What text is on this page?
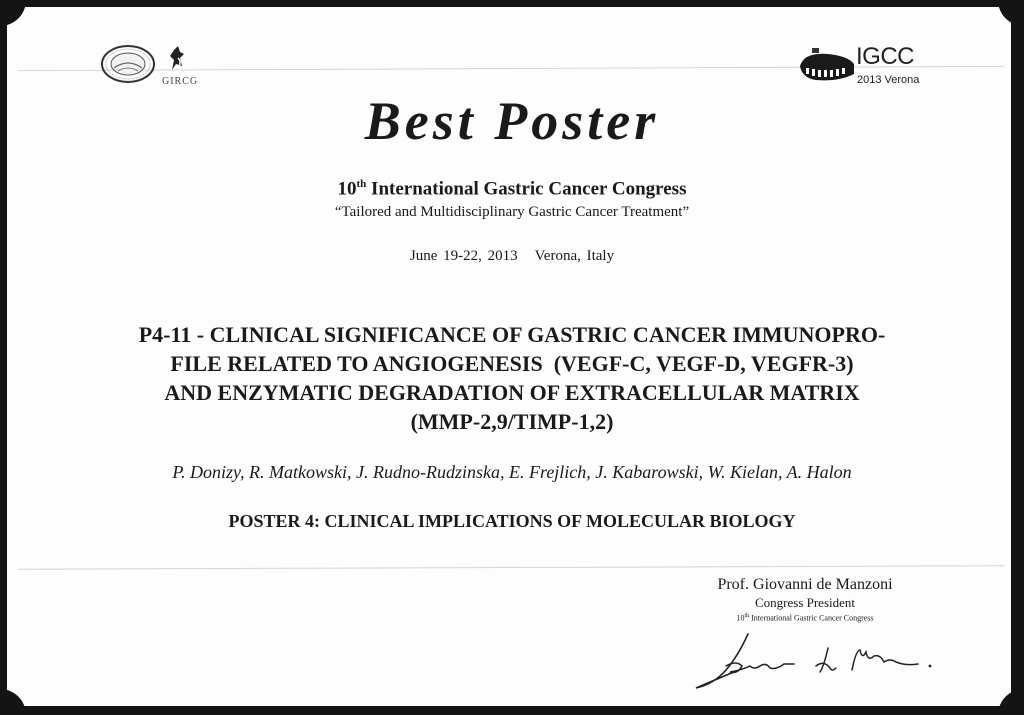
GIRCG
IGCC
2013 Verona
Best Poster
10th International Gastric Cancer Congress
“Tailored and Multidisciplinary Gastric Cancer Treatment”
June 19-22, 2013   Verona, Italy
P4-11 - CLINICAL SIGNIFICANCE OF GASTRIC CANCER IMMUNOPRO-
FILE RELATED TO ANGIOGENESIS  (VEGF-C, VEGF-D, VEGFR-3)
AND ENZYMATIC DEGRADATION OF EXTRACELLULAR MATRIX
(MMP-2,9/TIMP-1,2)
P. Donizy, R. Matkowski, J. Rudno-Rudzinska, E. Frejlich, J. Kabarowski, W. Kielan, A. Halon
POSTER 4: CLINICAL IMPLICATIONS OF MOLECULAR BIOLOGY
Prof. Giovanni de Manzoni
Congress President
10th International Gastric Cancer Congress
